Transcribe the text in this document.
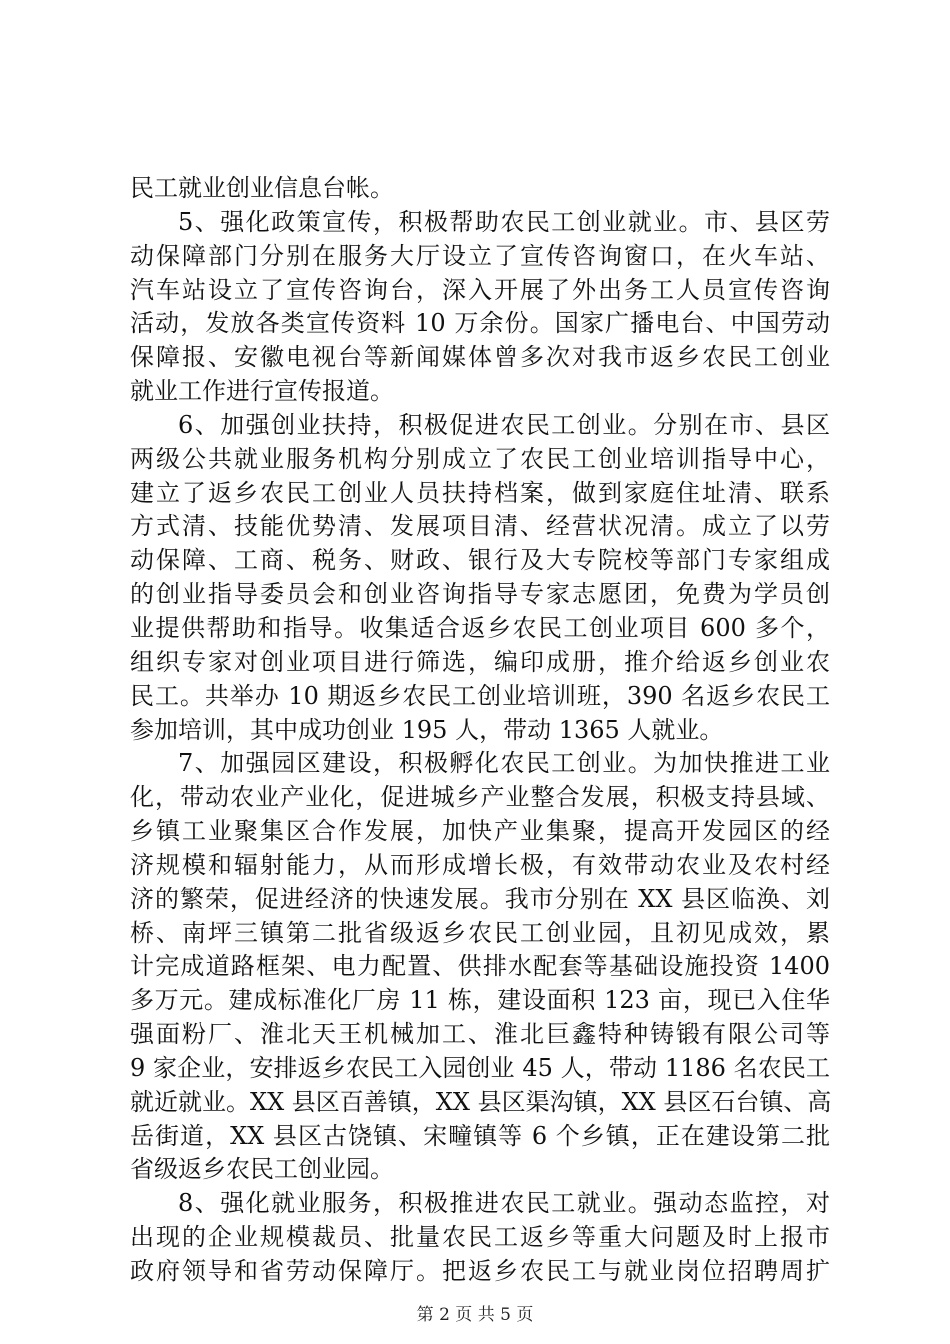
民工就业创业信息台帐。
5、强化政策宣传，积极帮助农民工创业就业。市、县区劳
动保障部门分别在服务大厅设立了宣传咨询窗口，在火车站、
汽车站设立了宣传咨询台，深入开展了外出务工人员宣传咨询
活动，发放各类宣传资料 10 万余份。国家广播电台、中国劳动
保障报、安徽电视台等新闻媒体曾多次对我市返乡农民工创业
就业工作进行宣传报道。
6、加强创业扶持，积极促进农民工创业。分别在市、县区
两级公共就业服务机构分别成立了农民工创业培训指导中心，
建立了返乡农民工创业人员扶持档案，做到家庭住址清、联系
方式清、技能优势清、发展项目清、经营状况清。成立了以劳
动保障、工商、税务、财政、银行及大专院校等部门专家组成
的创业指导委员会和创业咨询指导专家志愿团，免费为学员创
业提供帮助和指导。收集适合返乡农民工创业项目 600 多个，
组织专家对创业项目进行筛选，编印成册，推介给返乡创业农
民工。共举办 10 期返乡农民工创业培训班，390 名返乡农民工
参加培训，其中成功创业 195 人，带动 1365 人就业。
7、加强园区建设，积极孵化农民工创业。为加快推进工业
化，带动农业产业化，促进城乡产业整合发展，积极支持县域、
乡镇工业聚集区合作发展，加快产业集聚，提高开发园区的经
济规模和辐射能力，从而形成增长极，有效带动农业及农村经
济的繁荣，促进经济的快速发展。我市分别在 XX 县区临涣、刘
桥、南坪三镇第二批省级返乡农民工创业园，且初见成效，累
计完成道路框架、电力配置、供排水配套等基础设施投资 1400
多万元。建成标准化厂房 11 栋，建设面积 123 亩，现已入住华
强面粉厂、淮北天王机械加工、淮北巨鑫特种铸锻有限公司等
9 家企业，安排返乡农民工入园创业 45 人，带动 1186 名农民工
就近就业。XX 县区百善镇，XX 县区渠沟镇，XX 县区石台镇、高
岳街道，XX 县区古饶镇、宋疃镇等 6 个乡镇，正在建设第二批
省级返乡农民工创业园。
8、强化就业服务，积极推进农民工就业。强动态监控，对
出现的企业规模裁员、批量农民工返乡等重大问题及时上报市
政府领导和省劳动保障厅。把返乡农民工与就业岗位招聘周扩
第 2 页 共 5 页
